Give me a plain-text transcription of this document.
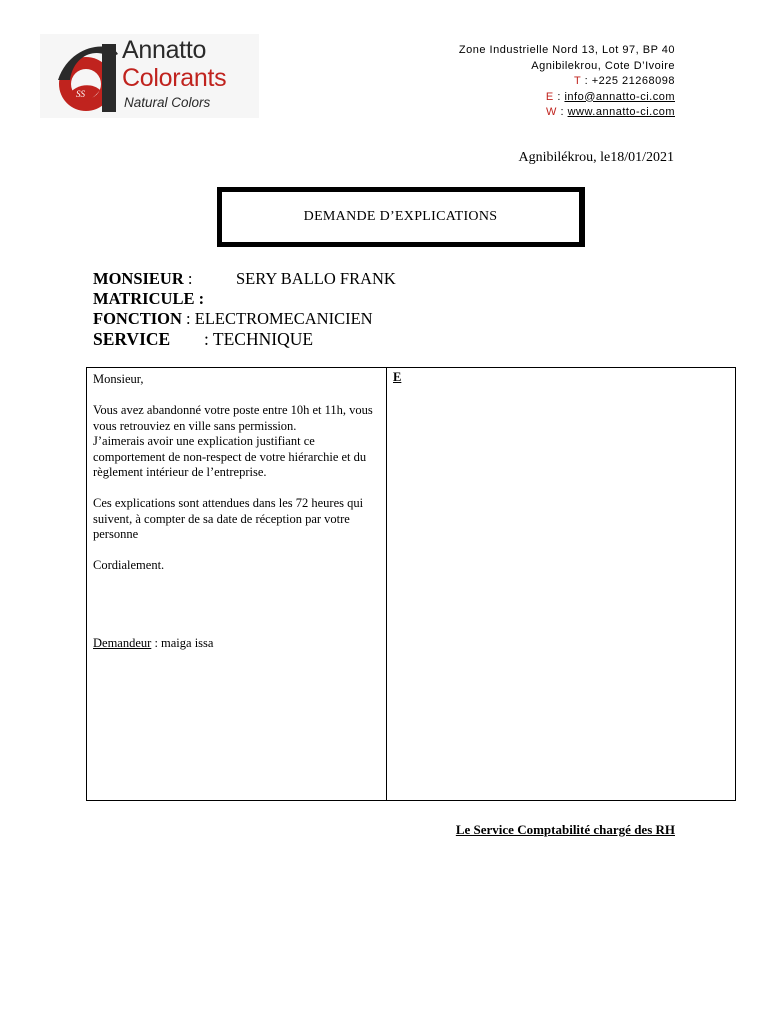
SS
Annatto
Colorants
Natural Colors
Zone Industrielle Nord 13, Lot 97, BP 40
Agnibilekrou, Cote D’Ivoire
T : +225 21268098
E : info@annatto-ci.com
W : www.annatto-ci.com
Agnibilékrou, le18/01/2021
DEMANDE D’EXPLICATIONS
MONSIEUR :	SERY BALLO FRANK
MATRICULE :
FONCTION : ELECTROMECANICIEN
SERVICE : TECHNIQUE

Monsieur,

Vous avez abandonné votre poste entre 10h et 11h, vous vous retrouviez en ville sans permission.

J’aimerais avoir une explication justifiant ce comportement de non-respect de votre hiérarchie et du règlement intérieur de l’entreprise.

Ces explications sont attendues dans les 72 heures qui suivent, à compter de sa date de réception par votre personne

Cordialement.

Demandeur : maiga issa

E
Le Service Comptabilité chargé des RH
